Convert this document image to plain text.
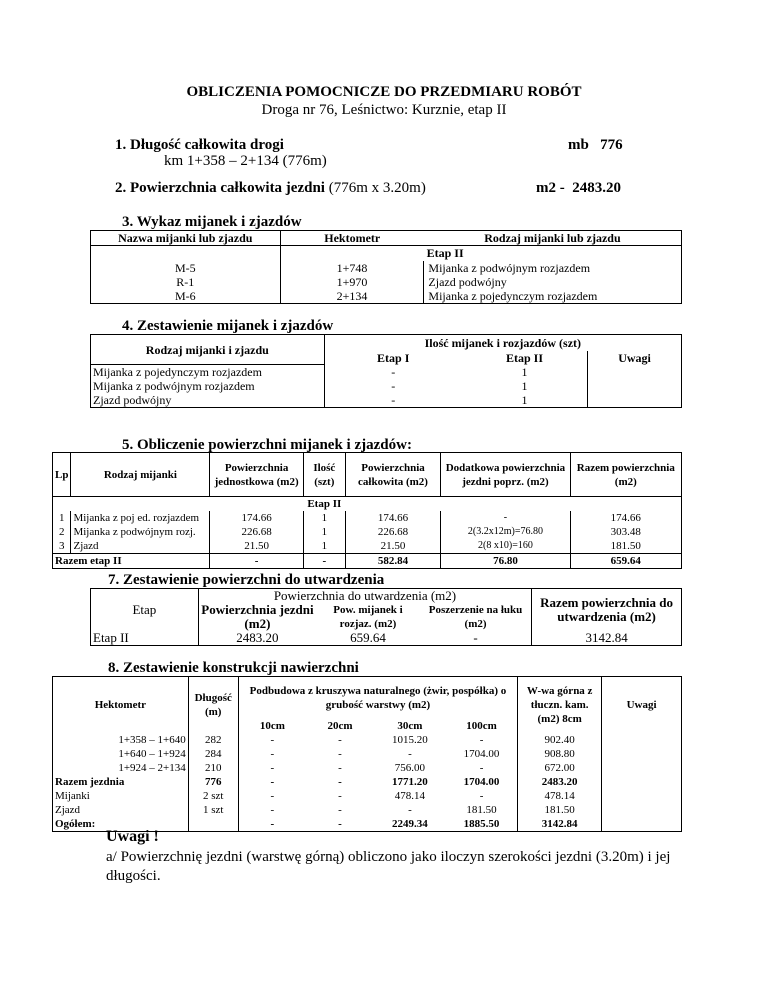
OBLICZENIA POMOCNICZE DO PRZEDMIARU ROBÓT
Droga nr 76, Leśnictwo: Kurznie, etap II
1. Długość całkowita drogi
km 1+358 – 2+134 (776m)
mb   776
2. Powierzchnia całkowita jezdni (776m x 3.20m)	m2 -  2483.20
3. Wykaz mijanek i zjazdów
Nazwa mijanki lub zjazdu	Hektometr	Rodzaj mijanki lub zjazdu
	Etap II	
M-5	1+748	Mijanka z podwójnym rozjazdem
R-1	1+970	Zjazd podwójny
M-6	2+134	Mijanka z pojedynczym rozjazdem
4. Zestawienie mijanek i zjazdów
Rodzaj mijanki i zjazdu	Ilość mijanek i rozjazdów (szt)		
	Etap I	Etap II	Uwagi
Mijanka z pojedynczym rozjazdem	-	1	
Mijanka z podwójnym rozjazdem	-	1	
Zjazd podwójny	-	1	
5. Obliczenie powierzchni mijanek i zjazdów:
Lp	Rodzaj mijanki	Powierzchnia jednostkowa (m2)	Ilość (szt)	Powierzchnia całkowita (m2)	Dodatkowa powierzchnia jezdni poprz. (m2)	Razem powierzchnia (m2)
			Etap II			
1	Mijanka z poj ed. rozjazdem	174.66	1	174.66	-	174.66
2	Mijanka z podwójnym rozj.	226.68	1	226.68	2(3.2x12m)=76.80	303.48
3	Zjazd	21.50	1	21.50	2(8 x10)=160	181.50
Razem etap II		-	-	582.84	76.80	659.64
7. Zestawienie powierzchni do utwardzenia
Etap	Powierzchnia do utwardzenia (m2)			Razem powierzchnia do utwardzenia (m2)
	Powierzchnia jezdni (m2)	Pow. mijanek i rozjaz. (m2)	Poszerzenie na łuku (m2)	
Etap II	2483.20	659.64	-	3142.84
8. Zestawienie konstrukcji nawierzchni
Hektometr	Długość (m)	Podbudowa z kruszywa naturalnego (żwir, pospółka) o grubość warstwy (m2)				W-wa górna z tłuczn. kam. (m2) 8cm	Uwagi
		10cm	20cm	30cm	100cm		
1+358 – 1+640	282	-	-	1015.20	-	902.40	
1+640 – 1+924	284	-	-	-	1704.00	908.80	
1+924 – 2+134	210	-	-	756.00	-	672.00	
Razem jezdnia	776	-	-	1771.20	1704.00	2483.20	
Mijanki	2 szt	-	-	478.14	-	478.14	
Zjazd	1 szt	-	-	-	181.50	181.50	
Ogółem:		-	-	2249.34	1885.50	3142.84	
Uwagi !
a/ Powierzchnię jezdni (warstwę górną) obliczono jako iloczyn szerokości jezdni (3.20m) i jej długości.
